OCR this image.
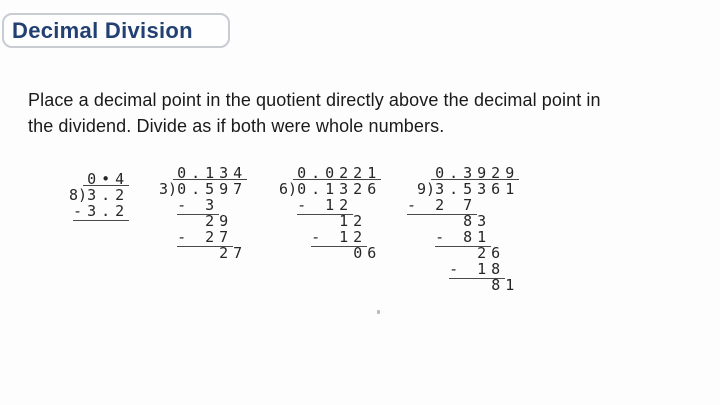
Decimal Division
Place a decimal point in the quotient directly above the decimal point in
the dividend. Divide as if both were whole numbers.
8)
0•4
3.2
-3.2
3)
0.134
0.597
- 3
29
- 27
27
6)
0.0221
0.1326
- 12
12
- 12
06
9)
0.3929
3.5361
- 2 7
83
- 81
26
- 18
81
